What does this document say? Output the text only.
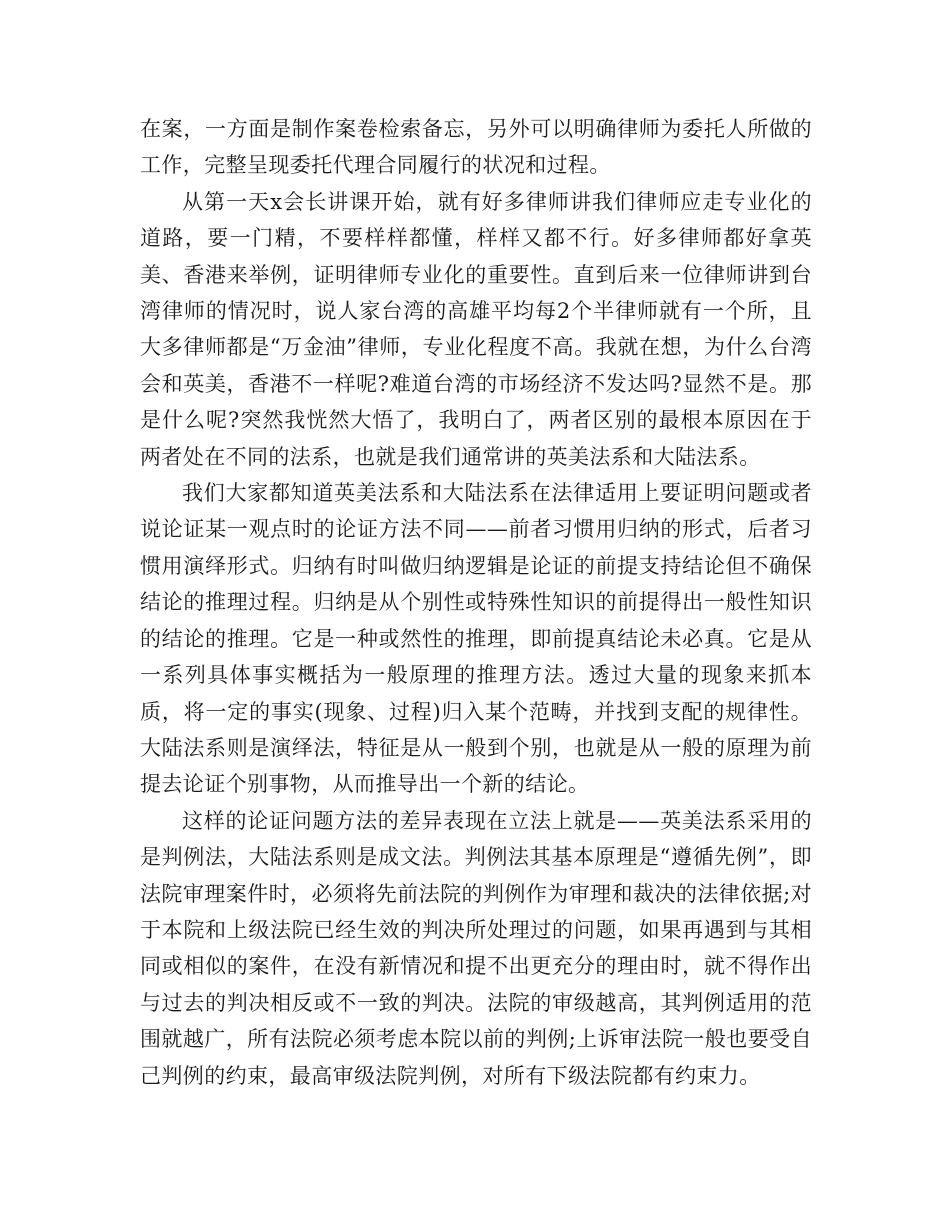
在案，一方面是制作案卷检索备忘，另外可以明确律师为委托人所做的工作，完整呈现委托代理合同履行的状况和过程。

从第一天x会长讲课开始，就有好多律师讲我们律师应走专业化的道路，要一门精，不要样样都懂，样样又都不行。好多律师都好拿英美、香港来举例，证明律师专业化的重要性。直到后来一位律师讲到台湾律师的情况时，说人家台湾的高雄平均每2个半律师就有一个所，且大多律师都是“万金油”律师，专业化程度不高。我就在想，为什么台湾会和英美，香港不一样呢?难道台湾的市场经济不发达吗?显然不是。那是什么呢?突然我恍然大悟了，我明白了，两者区别的最根本原因在于两者处在不同的法系，也就是我们通常讲的英美法系和大陆法系。

我们大家都知道英美法系和大陆法系在法律适用上要证明问题或者说论证某一观点时的论证方法不同——前者习惯用归纳的形式，后者习惯用演绎形式。归纳有时叫做归纳逻辑是论证的前提支持结论但不确保结论的推理过程。归纳是从个别性或特殊性知识的前提得出一般性知识的结论的推理。它是一种或然性的推理，即前提真结论未必真。它是从一系列具体事实概括为一般原理的推理方法。透过大量的现象来抓本质，将一定的事实(现象、过程)归入某个范畴，并找到支配的规律性。大陆法系则是演绎法，特征是从一般到个别，也就是从一般的原理为前提去论证个别事物，从而推导出一个新的结论。

这样的论证问题方法的差异表现在立法上就是——英美法系采用的是判例法，大陆法系则是成文法。判例法其基本原理是“遵循先例”，即法院审理案件时，必须将先前法院的判例作为审理和裁决的法律依据;对于本院和上级法院已经生效的判决所处理过的问题，如果再遇到与其相同或相似的案件，在没有新情况和提不出更充分的理由时，就不得作出与过去的判决相反或不一致的判决。法院的审级越高，其判例适用的范围就越广，所有法院必须考虑本院以前的判例;上诉审法院一般也要受自己判例的约束，最高审级法院判例，对所有下级法院都有约束力。
